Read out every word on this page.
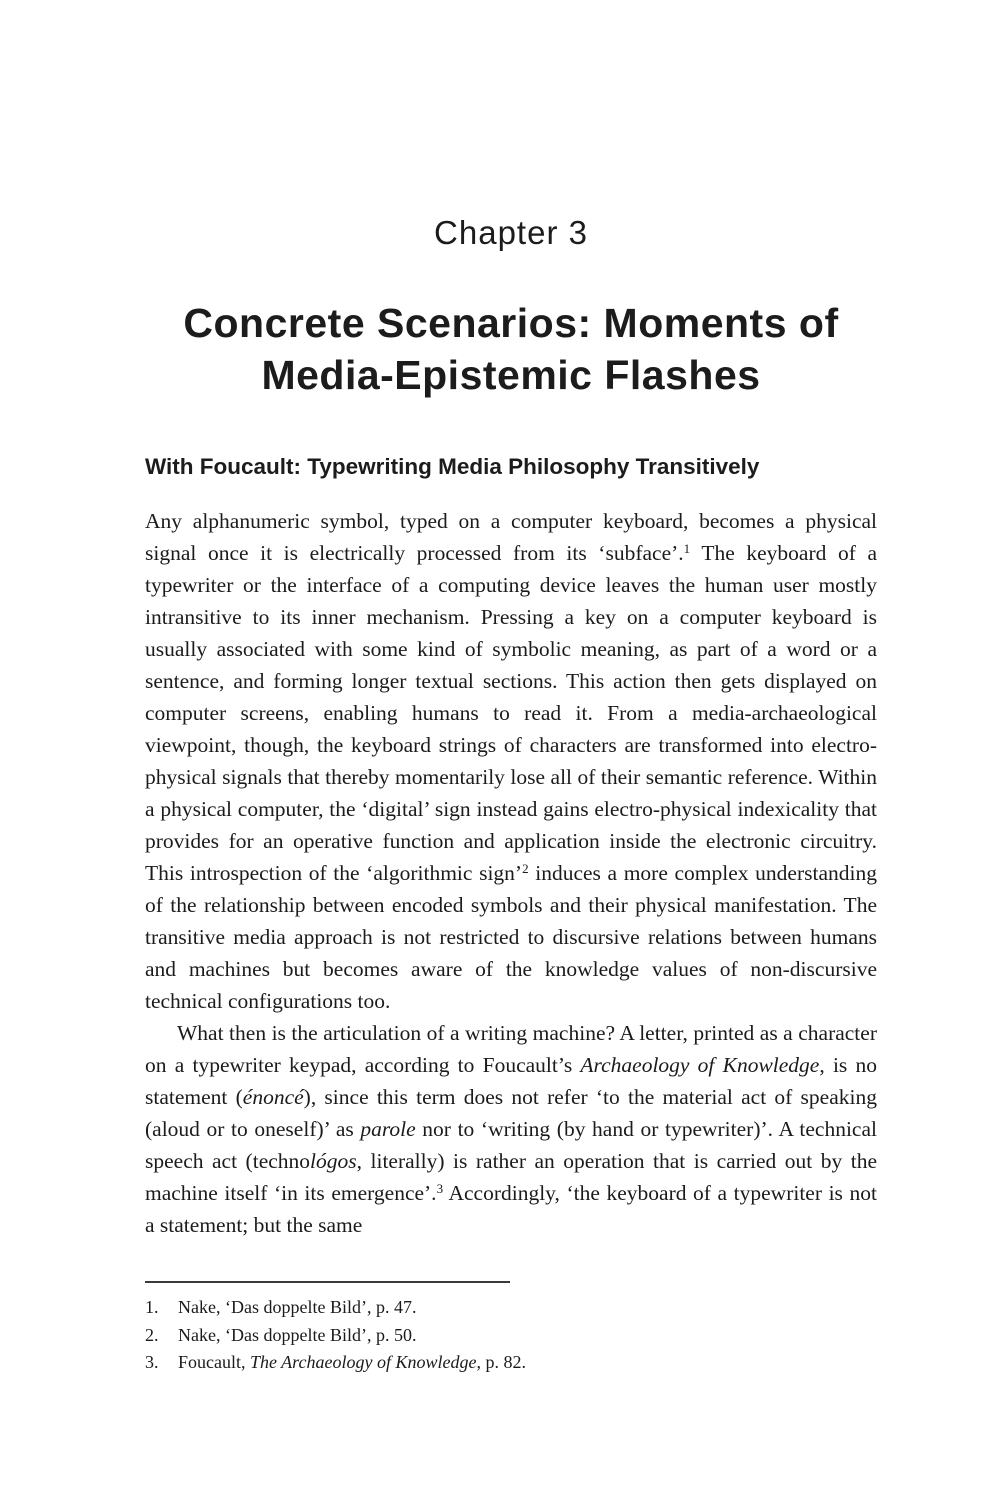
Chapter 3
Concrete Scenarios: Moments of
Media-Epistemic Flashes
With Foucault: Typewriting Media Philosophy Transitively

Any alphanumeric symbol, typed on a computer keyboard, becomes a physical signal once it is electrically processed from its ‘subface’.$^1$ The keyboard of a typewriter or the interface of a computing device leaves the human user mostly intransitive to its inner mechanism. Pressing a key on a computer keyboard is usually associated with some kind of symbolic meaning, as part of a word or a sentence, and forming longer textual sections. This action then gets displayed on computer screens, enabling humans to read it. From a media-archaeological viewpoint, though, the keyboard strings of characters are transformed into electro-physical signals that thereby momentarily lose all of their semantic reference. Within a physical computer, the ‘digital’ sign instead gains electro-physical indexicality that provides for an operative function and application inside the electronic circuitry. This introspection of the ‘algorithmic sign’$^2$ induces a more complex understanding of the relationship between encoded symbols and their physical manifestation. The transitive media approach is not restricted to discursive relations between humans and machines but becomes aware of the knowledge values of non-discursive technical configurations too.

What then is the articulation of a writing machine? A letter, printed as a character on a typewriter keypad, according to Foucault’s Archaeology of Knowledge, is no statement (énoncé), since this term does not refer ‘to the material act of speaking (aloud or to oneself)’ as parole nor to ‘writing (by hand or typewriter)’. A technical speech act (technológos, literally) is rather an operation that is carried out by the machine itself ‘in its emergence’.$^3$ Accordingly, ‘the keyboard of a typewriter is not a statement; but the same

1.	Nake, ‘Das doppelte Bild’, p. 47.
2.	Nake, ‘Das doppelte Bild’, p. 50.
3.	Foucault, The Archaeology of Knowledge, p. 82.
